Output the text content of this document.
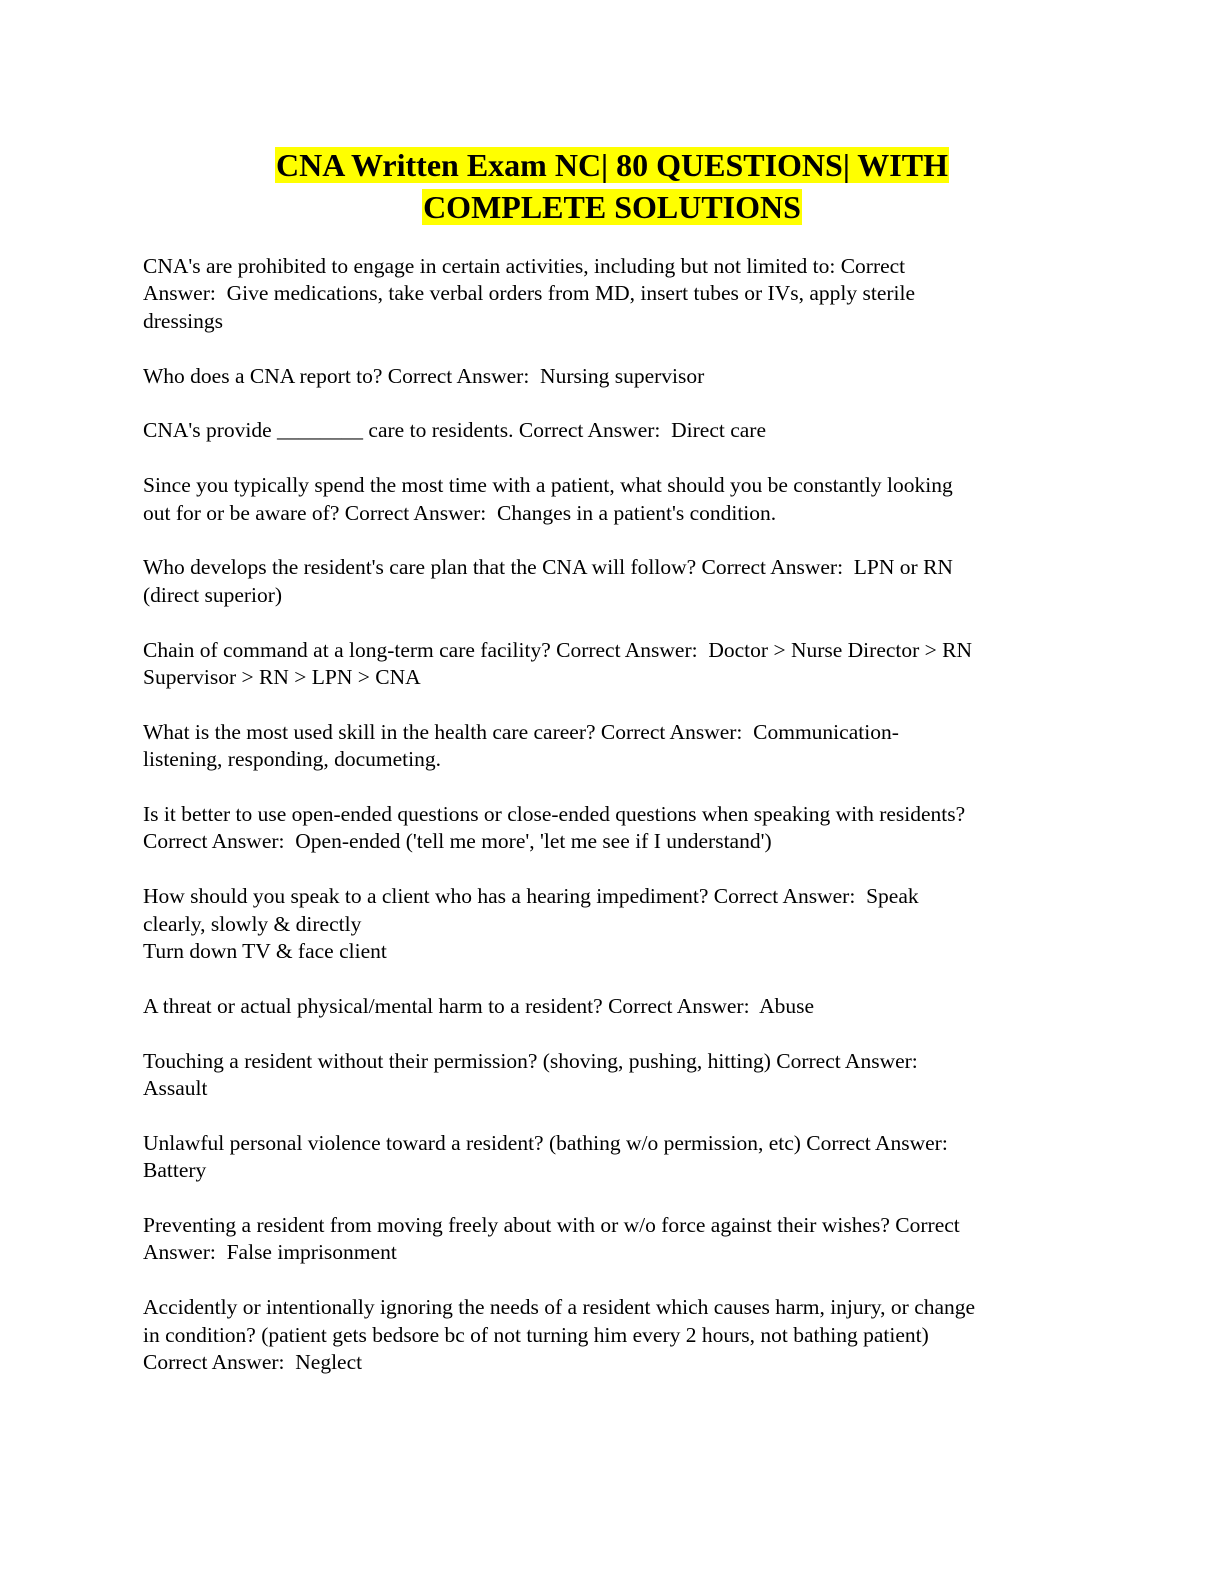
CNA Written Exam NC| 80 QUESTIONS| WITH
COMPLETE SOLUTIONS
CNA's are prohibited to engage in certain activities, including but not limited to: Correct
Answer:  Give medications, take verbal orders from MD, insert tubes or IVs, apply sterile
dressings
Who does a CNA report to? Correct Answer:  Nursing supervisor
CNA's provide ________ care to residents. Correct Answer:  Direct care
Since you typically spend the most time with a patient, what should you be constantly looking
out for or be aware of? Correct Answer:  Changes in a patient's condition.
Who develops the resident's care plan that the CNA will follow? Correct Answer:  LPN or RN
(direct superior)
Chain of command at a long-term care facility? Correct Answer:  Doctor > Nurse Director > RN
Supervisor > RN > LPN > CNA
What is the most used skill in the health care career? Correct Answer:  Communication-
listening, responding, documeting.
Is it better to use open-ended questions or close-ended questions when speaking with residents?
Correct Answer:  Open-ended ('tell me more', 'let me see if I understand')
How should you speak to a client who has a hearing impediment? Correct Answer:  Speak
clearly, slowly & directly
Turn down TV & face client
A threat or actual physical/mental harm to a resident? Correct Answer:  Abuse
Touching a resident without their permission? (shoving, pushing, hitting) Correct Answer:
Assault
Unlawful personal violence toward a resident? (bathing w/o permission, etc) Correct Answer:
Battery
Preventing a resident from moving freely about with or w/o force against their wishes? Correct
Answer:  False imprisonment
Accidently or intentionally ignoring the needs of a resident which causes harm, injury, or change
in condition? (patient gets bedsore bc of not turning him every 2 hours, not bathing patient)
Correct Answer:  Neglect
